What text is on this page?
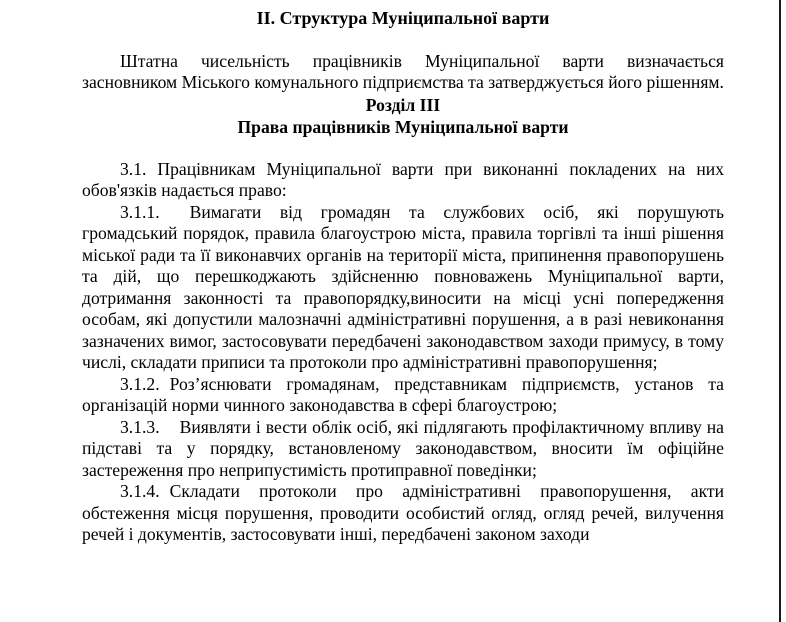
ІІ. Структура Муніципальної варти

Штатна чисельність працівників Муніципальної варти визначається засновником Міського комунального підприємства та затверджується його рішенням.

Розділ ІІІ

Права працівників Муніципальної варти

3.1. Працівникам Муніципальної варти при виконанні покладених на них обов'язків надається право:

3.1.1. Вимагати від громадян та службових осіб, які порушують громадський порядок, правила благоустрою міста, правила торгівлі та інші рішення міської ради та її виконавчих органів на території міста, припинення правопорушень та дій, що перешкоджають здійсненню повноважень Муніципальної варти, дотримання законності та правопорядку,виносити на місці усні попередження особам, які допустили малозначні адміністративні порушення, а в разі невиконання зазначених вимог, застосовувати передбачені законодавством заходи примусу, в тому числі, складати приписи та протоколи про адміністративні правопорушення;

3.1.2. Роз’яснювати громадянам, представникам підприємств, установ та організацій норми чинного законодавства в сфері благоустрою;

3.1.3. Виявляти і вести облік осіб, які підлягають профілактичному впливу на підставі та у порядку, встановленому законодавством, вносити їм офіційне застереження про неприпустимість протиправної поведінки;

3.1.4. Складати протоколи про адміністративні правопорушення, акти обстеження місця порушення, проводити особистий огляд, огляд речей, вилучення речей і документів, застосовувати інші, передбачені законом заходи
